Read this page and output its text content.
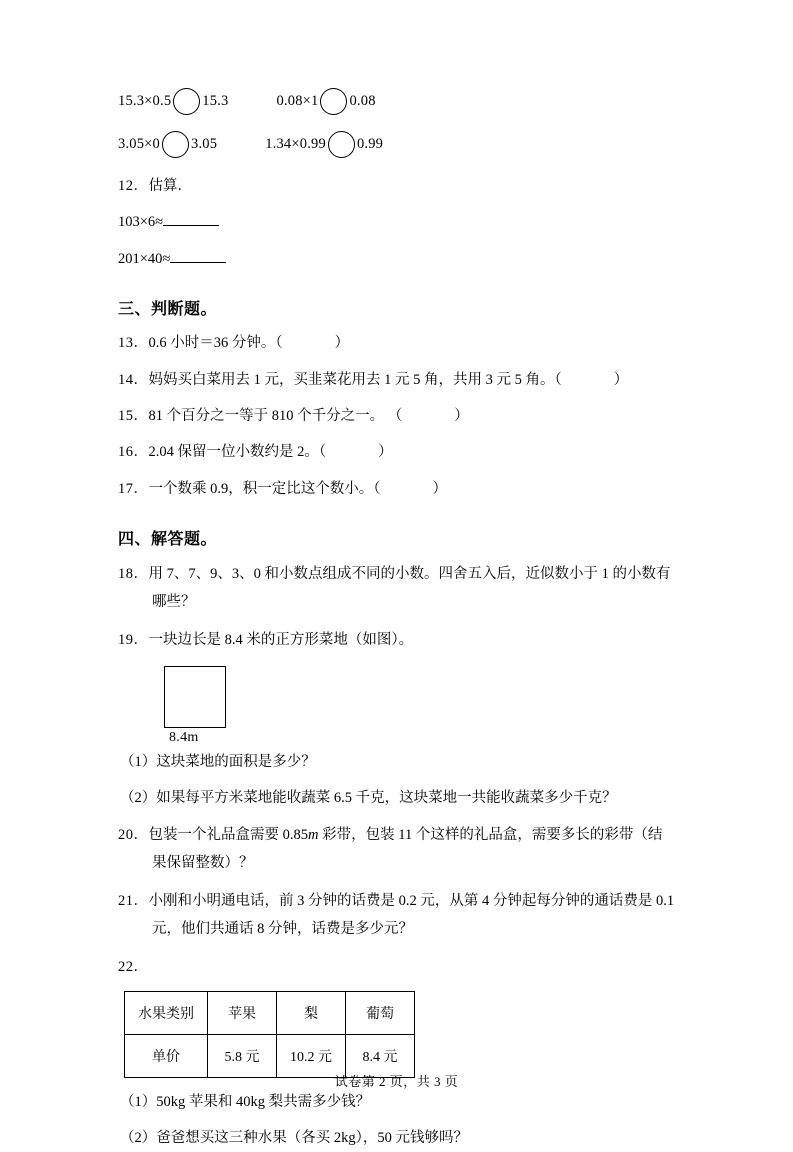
15.3×0.5 15.3	0.08×1 0.08
3.05×0 3.05	1.34×0.99 0.99

12．估算．

103×6≈

201×40≈

三、判断题。

13．0.6 小时＝36 分钟。（	）

14．妈妈买白菜用去 1 元，买韭菜花用去 1 元 5 角，共用 3 元 5 角。（	）

15．81 个百分之一等于 810 个千分之一。 （	）

16．2.04 保留一位小数约是 2。（	）

17．一个数乘 0.9，积一定比这个数小。（	）

四、解答题。

18．用 7、7、9、3、0 和小数点组成不同的小数。四舍五入后，近似数小于 1 的小数有哪些？

19．一块边长是 8.4 米的正方形菜地（如图）。

8.4m

（1）这块菜地的面积是多少？

（2）如果每平方米菜地能收蔬菜 6.5 千克，这块菜地一共能收蔬菜多少千克？

20．包装一个礼品盒需要 0.85m 彩带，包装 11 个这样的礼品盒，需要多长的彩带（结果保留整数）？

21．小刚和小明通电话，前 3 分钟的话费是 0.2 元，从第 4 分钟起每分钟的通话费是 0.1 元，他们共通话 8 分钟，话费是多少元？

22．

水果类别	苹果	梨	葡萄
单价	5.8 元	10.2 元	8.4 元

（1）50kg 苹果和 40kg 梨共需多少钱？

（2）爸爸想买这三种水果（各买 2kg），50 元钱够吗？

试卷第 2 页，共 3 页
